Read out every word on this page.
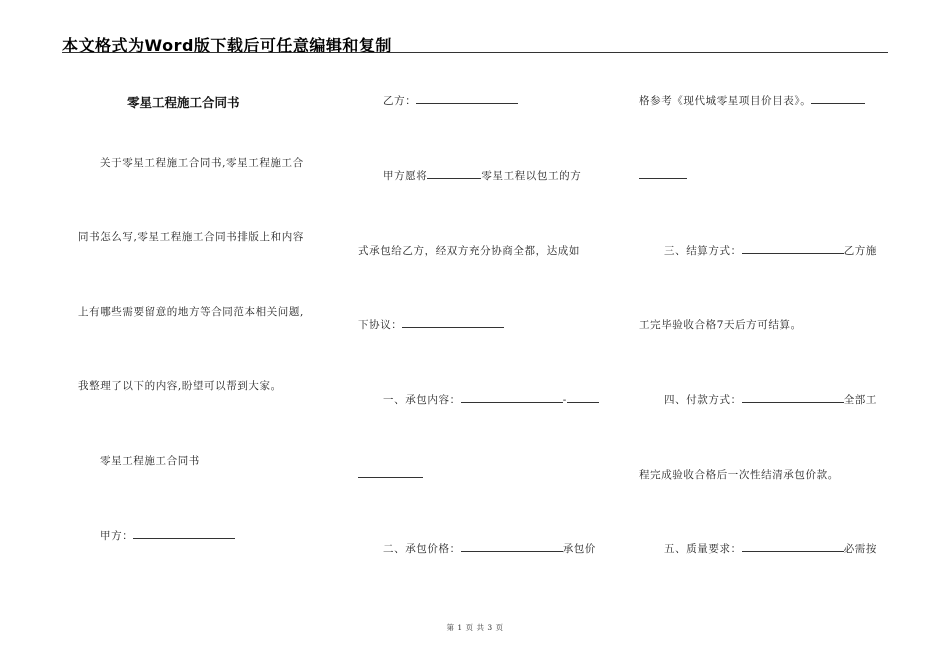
本文格式为Word版下载后可任意编辑和复制
零星工程施工合同书
关于零星工程施工合同书,零星工程施工合
同书怎么写,零星工程施工合同书排版上和内容
上有哪些需要留意的地方等合同范本相关问题,
我整理了以下的内容,盼望可以帮到大家。
零星工程施工合同书
甲方：
乙方：
甲方愿将	零星工程以包工的方
式承包给乙方，经双方充分协商全都，达成如
下协议：
一、承包内容：	-
二、承包价格：	承包价
格参考《现代城零星项目价目表》。
三、结算方式：	乙方施
工完毕验收合格7天后方可结算。
四、付款方式：	全部工
程完成验收合格后一次性结清承包价款。
五、质量要求：	必需按
第 1 页 共 3 页
